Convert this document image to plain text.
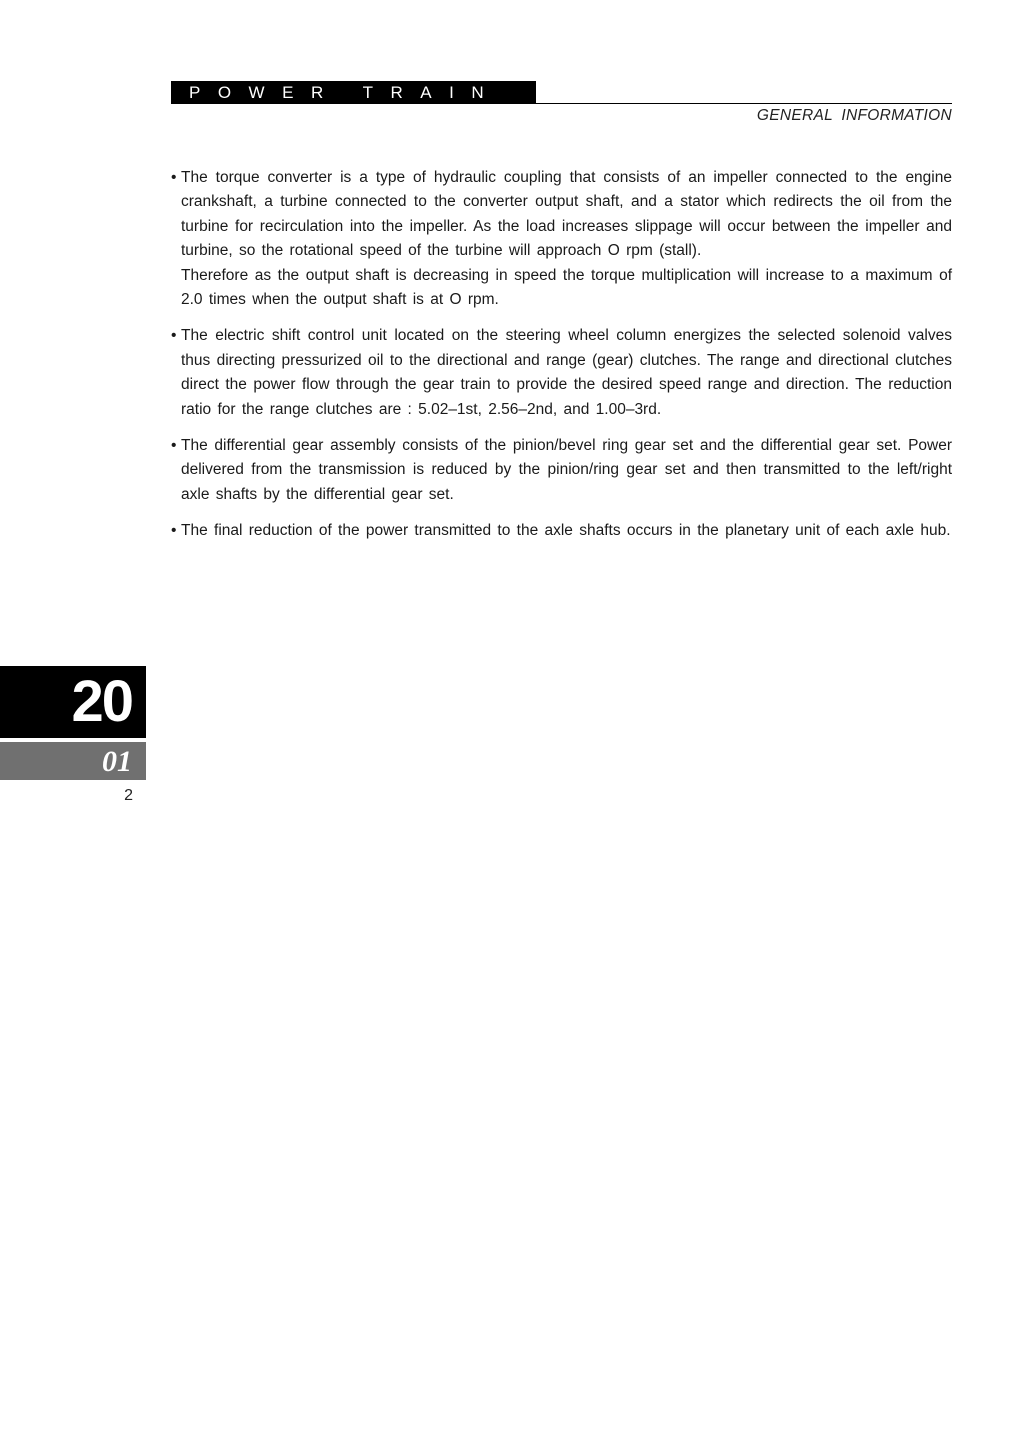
POWER TRAIN
GENERAL INFORMATION
• The torque converter is a type of hydraulic coupling that consists of an impeller connected to the engine crankshaft, a turbine connected to the converter output shaft, and a stator which redirects the oil from the turbine for recirculation into the impeller. As the load increases slippage will occur between the impeller and turbine, so the rotational speed of the turbine will approach O rpm (stall).

Therefore as the output shaft is decreasing in speed the torque multiplication will increase to a maximum of 2.0 times when the output shaft is at O rpm.

• The electric shift control unit located on the steering wheel column energizes the selected solenoid valves thus directing pressurized oil to the directional and range (gear) clutches. The range and directional clutches direct the power flow through the gear train to provide the desired speed range and direction. The reduction ratio for the range clutches are : 5.02–1st, 2.56–2nd, and 1.00–3rd.

• The differential gear assembly consists of the pinion/bevel ring gear set and the differential gear set. Power delivered from the transmission is reduced by the pinion/ring gear set and then transmitted to the left/right axle shafts by the differential gear set.

• The final reduction of the power transmitted to the axle shafts occurs in the planetary unit of each axle hub.

20
01
2
